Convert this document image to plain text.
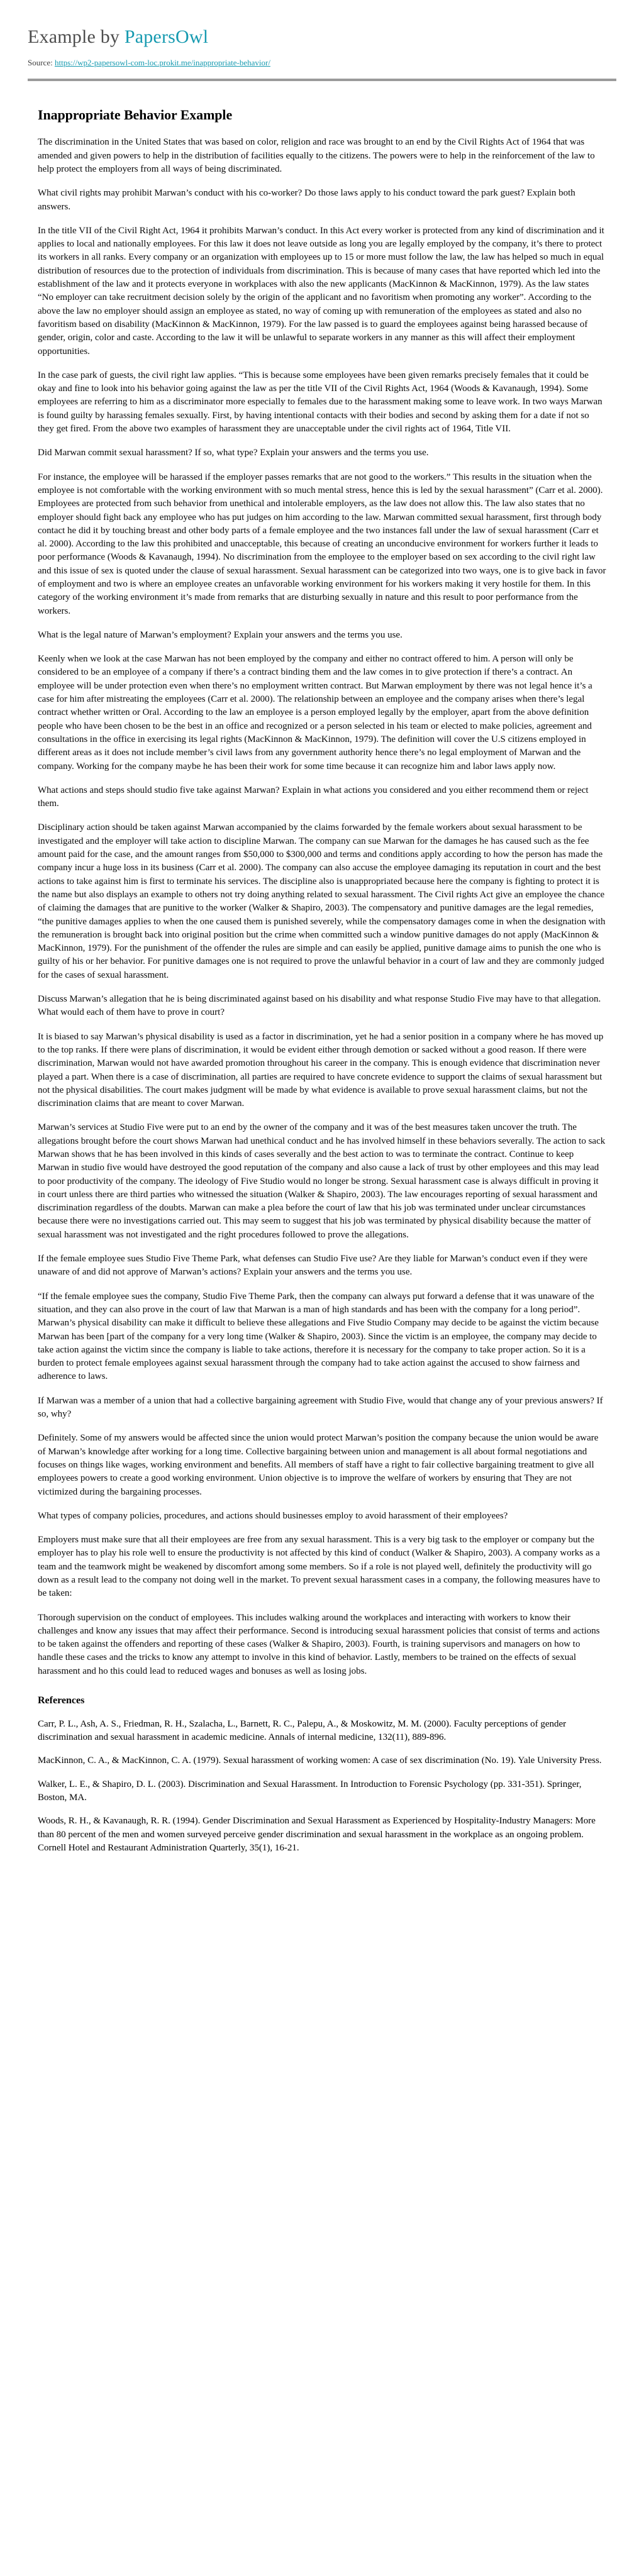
Example by PapersOwl
Source: https://wp2-papersowl-com-loc.prokit.me/inappropriate-behavior/
Inappropriate Behavior Example

The discrimination in the United States that was based on color, religion and race was brought to an end by the Civil Rights Act of 1964 that was amended and given powers to help in the distribution of facilities equally to the citizens. The powers were to help in the reinforcement of the law to help protect the employers from all ways of being discriminated.

What civil rights may prohibit Marwan’s conduct with his co-worker? Do those laws apply to his conduct toward the park guest? Explain both answers.

In the title VII of the Civil Right Act, 1964 it prohibits Marwan’s conduct. In this Act every worker is protected from any kind of discrimination and it applies to local and nationally employees. For this law it does not leave outside as long you are legally employed by the company, it’s there to protect its workers in all ranks. Every company or an organization with employees up to 15 or more must follow the law, the law has helped so much in equal distribution of resources due to the protection of individuals from discrimination. This is because of many cases that have reported which led into the establishment of the law and it protects everyone in workplaces with also the new applicants (MacKinnon & MacKinnon, 1979). As the law states “No employer can take recruitment decision solely by the origin of the applicant and no favoritism when promoting any worker”. According to the above the law no employer should assign an employee as stated, no way of coming up with remuneration of the employees as stated and also no favoritism based on disability (MacKinnon & MacKinnon, 1979). For the law passed is to guard the employees against being harassed because of gender, origin, color and caste. According to the law it will be unlawful to separate workers in any manner as this will affect their employment opportunities.

In the case park of guests, the civil right law applies. “This is because some employees have been given remarks precisely females that it could be okay and fine to look into his behavior going against the law as per the title VII of the Civil Rights Act, 1964 (Woods & Kavanaugh, 1994). Some employees are referring to him as a discriminator more especially to females due to the harassment making some to leave work. In two ways Marwan is found guilty by harassing females sexually. First, by having intentional contacts with their bodies and second by asking them for a date if not so they get fired. From the above two examples of harassment they are unacceptable under the civil rights act of 1964, Title VII.

Did Marwan commit sexual harassment? If so, what type? Explain your answers and the terms you use.

For instance, the employee will be harassed if the employer passes remarks that are not good to the workers.” This results in the situation when the employee is not comfortable with the working environment with so much mental stress, hence this is led by the sexual harassment” (Carr et al. 2000). Employees are protected from such behavior from unethical and intolerable employers, as the law does not allow this. The law also states that no employer should fight back any employee who has put judges on him according to the law. Marwan committed sexual harassment, first through body contact he did it by touching breast and other body parts of a female employee and the two instances fall under the law of sexual harassment (Carr et al. 2000). According to the law this prohibited and unacceptable, this because of creating an unconducive environment for workers further it leads to poor performance (Woods & Kavanaugh, 1994). No discrimination from the employee to the employer based on sex according to the civil right law and this issue of sex is quoted under the clause of sexual harassment. Sexual harassment can be categorized into two ways, one is to give back in favor of employment and two is where an employee creates an unfavorable working environment for his workers making it very hostile for them. In this category of the working environment it’s made from remarks that are disturbing sexually in nature and this result to poor performance from the workers.

What is the legal nature of Marwan’s employment? Explain your answers and the terms you use.

Keenly when we look at the case Marwan has not been employed by the company and either no contract offered to him. A person will only be considered to be an employee of a company if there’s a contract binding them and the law comes in to give protection if there’s a contract. An employee will be under protection even when there’s no employment written contract. But Marwan employment by there was not legal hence it’s a case for him after mistreating the employees (Carr et al. 2000). The relationship between an employee and the company arises when there’s legal contract whether written or Oral. According to the law an employee is a person employed legally by the employer, apart from the above definition people who have been chosen to be the best in an office and recognized or a person selected in his team or elected to make policies, agreement and consultations in the office in exercising its legal rights (MacKinnon & MacKinnon, 1979). The definition will cover the U.S citizens employed in different areas as it does not include member’s civil laws from any government authority hence there’s no legal employment of Marwan and the company. Working for the company maybe he has been their work for some time because it can recognize him and labor laws apply now.

What actions and steps should studio five take against Marwan? Explain in what actions you considered and you either recommend them or reject them.

Disciplinary action should be taken against Marwan accompanied by the claims forwarded by the female workers about sexual harassment to be investigated and the employer will take action to discipline Marwan. The company can sue Marwan for the damages he has caused such as the fee amount paid for the case, and the amount ranges from $50,000 to $300,000 and terms and conditions apply according to how the person has made the company incur a huge loss in its business (Carr et al. 2000). The company can also accuse the employee damaging its reputation in court and the best actions to take against him is first to terminate his services. The discipline also is unappropriated because here the company is fighting to protect it is the name but also displays an example to others not try doing anything related to sexual harassment. The Civil rights Act give an employee the chance of claiming the damages that are punitive to the worker (Walker & Shapiro, 2003). The compensatory and punitive damages are the legal remedies, “the punitive damages applies to when the one caused them is punished severely, while the compensatory damages come in when the designation with the remuneration is brought back into original position but the crime when committed such a window punitive damages do not apply (MacKinnon & MacKinnon, 1979). For the punishment of the offender the rules are simple and can easily be applied, punitive damage aims to punish the one who is guilty of his or her behavior. For punitive damages one is not required to prove the unlawful behavior in a court of law and they are commonly judged for the cases of sexual harassment.

Discuss Marwan’s allegation that he is being discriminated against based on his disability and what response Studio Five may have to that allegation. What would each of them have to prove in court?

It is biased to say Marwan’s physical disability is used as a factor in discrimination, yet he had a senior position in a company where he has moved up to the top ranks. If there were plans of discrimination, it would be evident either through demotion or sacked without a good reason. If there were discrimination, Marwan would not have awarded promotion throughout his career in the company. This is enough evidence that discrimination never played a part. When there is a case of discrimination, all parties are required to have concrete evidence to support the claims of sexual harassment but not the physical disabilities. The court makes judgment will be made by what evidence is available to prove sexual harassment claims, but not the discrimination claims that are meant to cover Marwan.

Marwan’s services at Studio Five were put to an end by the owner of the company and it was of the best measures taken uncover the truth. The allegations brought before the court shows Marwan had unethical conduct and he has involved himself in these behaviors severally. The action to sack Marwan shows that he has been involved in this kinds of cases severally and the best action to was to terminate the contract. Continue to keep Marwan in studio five would have destroyed the good reputation of the company and also cause a lack of trust by other employees and this may lead to poor productivity of the company. The ideology of Five Studio would no longer be strong. Sexual harassment case is always difficult in proving it in court unless there are third parties who witnessed the situation (Walker & Shapiro, 2003). The law encourages reporting of sexual harassment and discrimination regardless of the doubts. Marwan can make a plea before the court of law that his job was terminated under unclear circumstances because there were no investigations carried out. This may seem to suggest that his job was terminated by physical disability because the matter of sexual harassment was not investigated and the right procedures followed to prove the allegations.

If the female employee sues Studio Five Theme Park, what defenses can Studio Five use? Are they liable for Marwan’s conduct even if they were unaware of and did not approve of Marwan’s actions? Explain your answers and the terms you use.

“If the female employee sues the company, Studio Five Theme Park, then the company can always put forward a defense that it was unaware of the situation, and they can also prove in the court of law that Marwan is a man of high standards and has been with the company for a long period”. Marwan’s physical disability can make it difficult to believe these allegations and Five Studio Company may decide to be against the victim because Marwan has been [part of the company for a very long time (Walker & Shapiro, 2003). Since the victim is an employee, the company may decide to take action against the victim since the company is liable to take actions, therefore it is necessary for the company to take proper action. So it is a burden to protect female employees against sexual harassment through the company had to take action against the accused to show fairness and adherence to laws.

If Marwan was a member of a union that had a collective bargaining agreement with Studio Five, would that change any of your previous answers? If so, why?

Definitely. Some of my answers would be affected since the union would protect Marwan’s position the company because the union would be aware of Marwan’s knowledge after working for a long time. Collective bargaining between union and management is all about formal negotiations and focuses on things like wages, working environment and benefits. All members of staff have a right to fair collective bargaining treatment to give all employees powers to create a good working environment. Union objective is to improve the welfare of workers by ensuring that They are not victimized during the bargaining processes.

What types of company policies, procedures, and actions should businesses employ to avoid harassment of their employees?

Employers must make sure that all their employees are free from any sexual harassment. This is a very big task to the employer or company but the employer has to play his role well to ensure the productivity is not affected by this kind of conduct (Walker & Shapiro, 2003). A company works as a team and the teamwork might be weakened by discomfort among some members. So if a role is not played well, definitely the productivity will go down as a result lead to the company not doing well in the market. To prevent sexual harassment cases in a company, the following measures have to be taken:

Thorough supervision on the conduct of employees. This includes walking around the workplaces and interacting with workers to know their challenges and know any issues that may affect their performance. Second is introducing sexual harassment policies that consist of terms and actions to be taken against the offenders and reporting of these cases (Walker & Shapiro, 2003). Fourth, is training supervisors and managers on how to handle these cases and the tricks to know any attempt to involve in this kind of behavior. Lastly, members to be trained on the effects of sexual harassment and ho this could lead to reduced wages and bonuses as well as losing jobs.

References

Carr, P. L., Ash, A. S., Friedman, R. H., Szalacha, L., Barnett, R. C., Palepu, A., & Moskowitz, M. M. (2000). Faculty perceptions of gender discrimination and sexual harassment in academic medicine. Annals of internal medicine, 132(11), 889-896.

MacKinnon, C. A., & MacKinnon, C. A. (1979). Sexual harassment of working women: A case of sex discrimination (No. 19). Yale University Press.

Walker, L. E., & Shapiro, D. L. (2003). Discrimination and Sexual Harassment. In Introduction to Forensic Psychology (pp. 331-351). Springer, Boston, MA.

Woods, R. H., & Kavanaugh, R. R. (1994). Gender Discrimination and Sexual Harassment as Experienced by Hospitality-Industry Managers: More than 80 percent of the men and women surveyed perceive gender discrimination and sexual harassment in the workplace as an ongoing problem. Cornell Hotel and Restaurant Administration Quarterly, 35(1), 16-21.
